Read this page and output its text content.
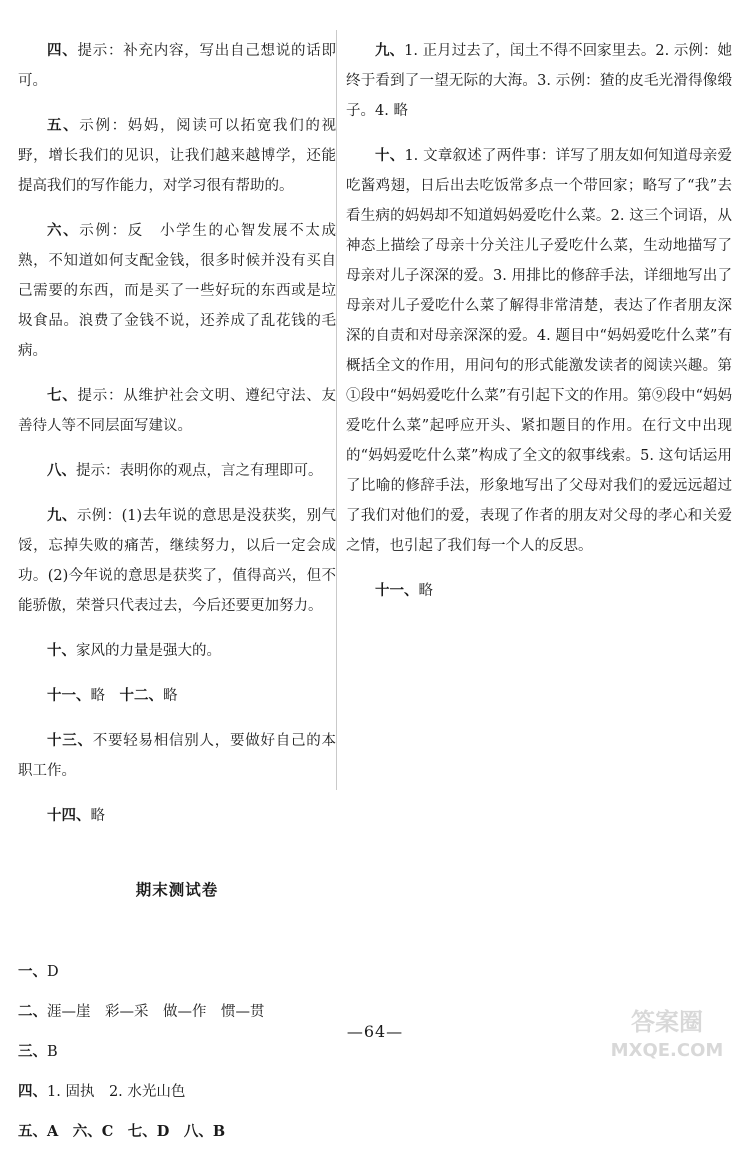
四、提示：补充内容，写出自己想说的话即可。

五、示例：妈妈，阅读可以拓宽我们的视野，增长我们的见识，让我们越来越博学，还能提高我们的写作能力，对学习很有帮助的。

六、示例：反　小学生的心智发展不太成熟，不知道如何支配金钱，很多时候并没有买自己需要的东西，而是买了一些好玩的东西或是垃圾食品。浪费了金钱不说，还养成了乱花钱的毛病。

七、提示：从维护社会文明、遵纪守法、友善待人等不同层面写建议。

八、提示：表明你的观点，言之有理即可。

九、示例：(1)去年说的意思是没获奖，别气馁，忘掉失败的痛苦，继续努力，以后一定会成功。(2)今年说的意思是获奖了，值得高兴，但不能骄傲，荣誉只代表过去，今后还要更加努力。

十、家风的力量是强大的。

十一、略　十二、略

十三、不要轻易相信别人，要做好自己的本职工作。

十四、略

期末测试卷

一、D

二、涯—崖　彩—采　做—作　惯—贯

三、B

四、1. 固执　2. 水光山色

五、A　六、C　七、D　八、B

九、1. 正月过去了，闰土不得不回家里去。2. 示例：她终于看到了一望无际的大海。3. 示例：猹的皮毛光滑得像缎子。4. 略

十、1. 文章叙述了两件事：详写了朋友如何知道母亲爱吃酱鸡翅，日后出去吃饭常多点一个带回家；略写了“我”去看生病的妈妈却不知道妈妈爱吃什么菜。2. 这三个词语，从神态上描绘了母亲十分关注儿子爱吃什么菜，生动地描写了母亲对儿子深深的爱。3. 用排比的修辞手法，详细地写出了母亲对儿子爱吃什么菜了解得非常清楚，表达了作者朋友深深的自责和对母亲深深的爱。4. 题目中“妈妈爱吃什么菜”有概括全文的作用，用问句的形式能激发读者的阅读兴趣。第①段中“妈妈爱吃什么菜”有引起下文的作用。第⑨段中“妈妈爱吃什么菜”起呼应开头、紧扣题目的作用。在行文中出现的“妈妈爱吃什么菜”构成了全文的叙事线索。5. 这句话运用了比喻的修辞手法，形象地写出了父母对我们的爱远远超过了我们对他们的爱，表现了作者的朋友对父母的孝心和关爱之情，也引起了我们每一个人的反思。

十一、略

—64—	答案圈
MXQE.COM
